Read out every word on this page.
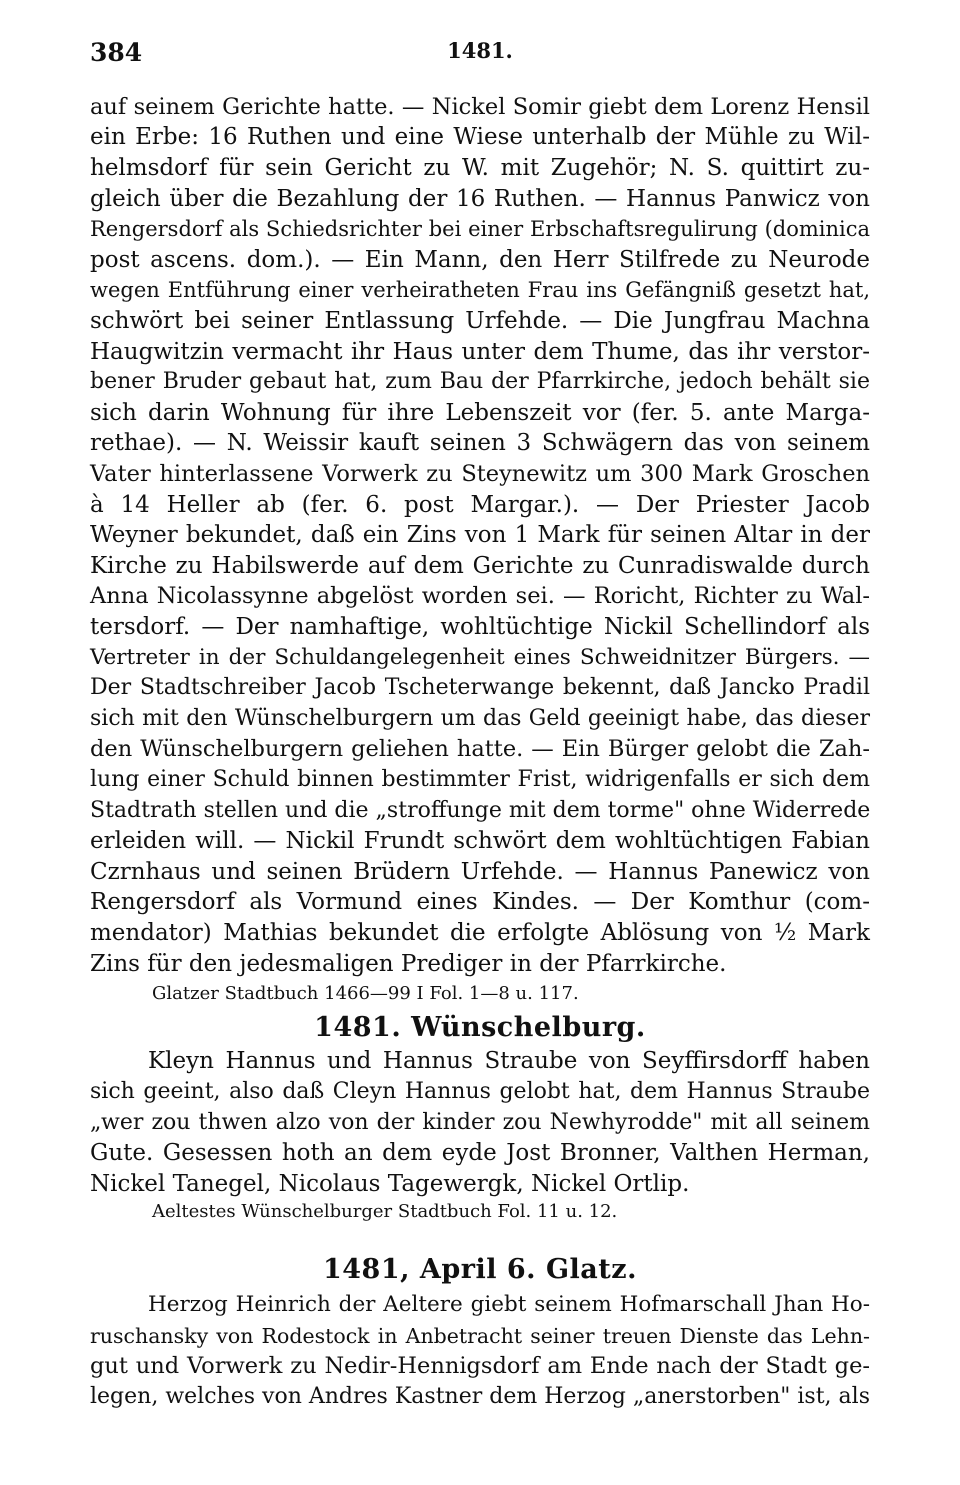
384	1481.
auf seinem Gerichte hatte. — Nickel Somir giebt dem Lorenz Hensil
ein Erbe: 16 Ruthen und eine Wiese unterhalb der Mühle zu Wil-
helmsdorf für sein Gericht zu W. mit Zugehör; N. S. quittirt zu-
gleich über die Bezahlung der 16 Ruthen. — Hannus Panwicz von
Rengersdorf als Schiedsrichter bei einer Erbschaftsregulirung (dominica
post ascens. dom.). — Ein Mann, den Herr Stilfrede zu Neurode
wegen Entführung einer verheiratheten Frau ins Gefängniß gesetzt hat,
schwört bei seiner Entlassung Urfehde. — Die Jungfrau Machna
Haugwitzin vermacht ihr Haus unter dem Thume, das ihr verstor-
bener Bruder gebaut hat, zum Bau der Pfarrkirche, jedoch behält sie
sich darin Wohnung für ihre Lebenszeit vor (fer. 5. ante Marga-
rethae). — N. Weissir kauft seinen 3 Schwägern das von seinem
Vater hinterlassene Vorwerk zu Steynewitz um 300 Mark Groschen
à 14 Heller ab (fer. 6. post Margar.). — Der Priester Jacob
Weyner bekundet, daß ein Zins von 1 Mark für seinen Altar in der
Kirche zu Habilswerde auf dem Gerichte zu Cunradiswalde durch
Anna Nicolassynne abgelöst worden sei. — Roricht, Richter zu Wal-
tersdorf. — Der namhaftige, wohltüchtige Nickil Schellindorf als
Vertreter in der Schuldangelegenheit eines Schweidnitzer Bürgers. —
Der Stadtschreiber Jacob Tscheterwange bekennt, daß Jancko Pradil
sich mit den Wünschelburgern um das Geld geeinigt habe, das dieser
den Wünschelburgern geliehen hatte. — Ein Bürger gelobt die Zah-
lung einer Schuld binnen bestimmter Frist, widrigenfalls er sich dem
Stadtrath stellen und die „stroffunge mit dem torme" ohne Widerrede
erleiden will. — Nickil Frundt schwört dem wohltüchtigen Fabian
Czrnhaus und seinen Brüdern Urfehde. — Hannus Panewicz von
Rengersdorf als Vormund eines Kindes. — Der Komthur (com-
mendator) Mathias bekundet die erfolgte Ablösung von ½ Mark
Zins für den jedesmaligen Prediger in der Pfarrkirche.
Glatzer Stadtbuch 1466—99 I Fol. 1—8 u. 117.
1481. Wünschelburg.
Kleyn Hannus und Hannus Straube von Seyffirsdorff haben
sich geeint, also daß Cleyn Hannus gelobt hat, dem Hannus Straube
„wer zou thwen alzo von der kinder zou Newhyrodde" mit all seinem
Gute. Gesessen hoth an dem eyde Jost Bronner, Valthen Herman,
Nickel Tanegel, Nicolaus Tagewergk, Nickel Ortlip.
Aeltestes Wünschelburger Stadtbuch Fol. 11 u. 12.
1481, April 6. Glatz.
Herzog Heinrich der Aeltere giebt seinem Hofmarschall Jhan Ho-
ruschansky von Rodestock in Anbetracht seiner treuen Dienste das Lehn-
gut und Vorwerk zu Nedir-Hennigsdorf am Ende nach der Stadt ge-
legen, welches von Andres Kastner dem Herzog „anerstorben" ist, als
